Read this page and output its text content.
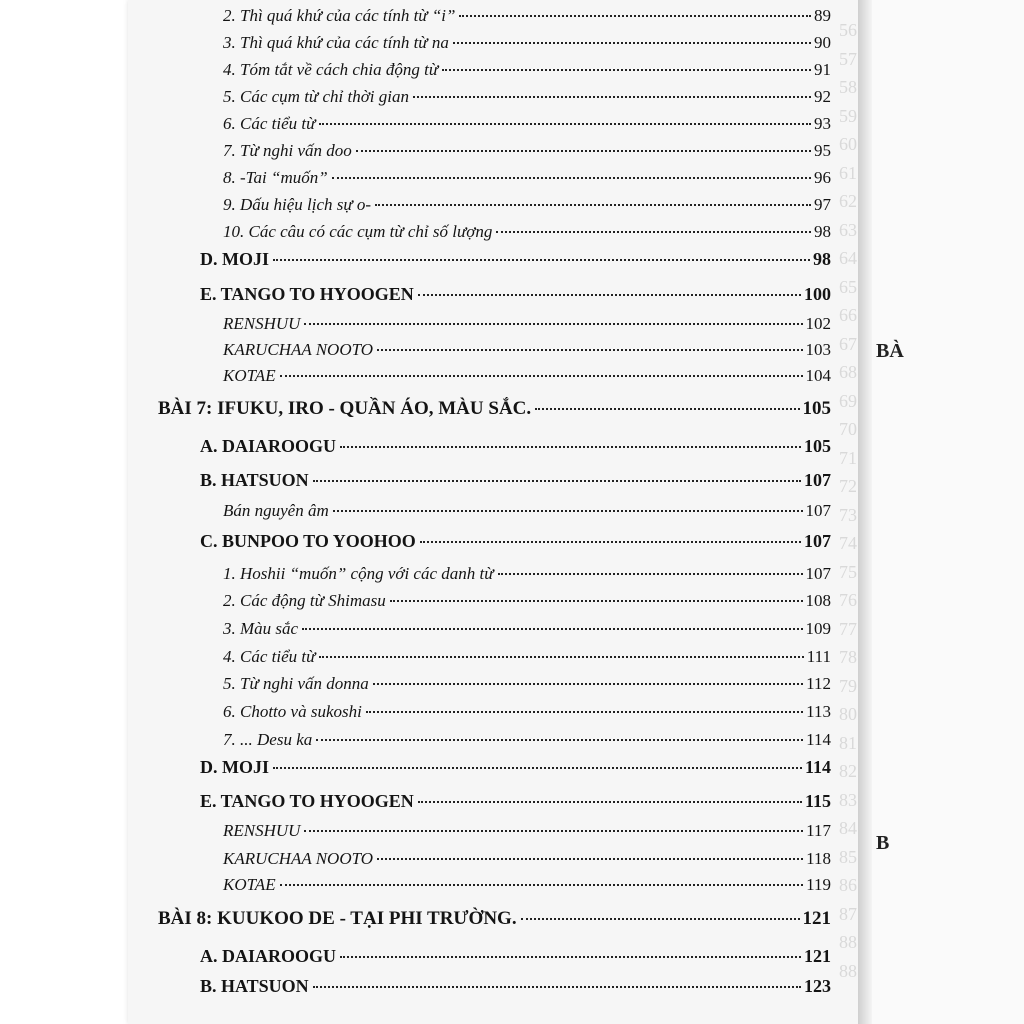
56
57
58
59
60
61
62
63
64
65
66
67
68
69
70
71
72
73
74
75
76
77
78
79
80
81
82
83
84
85
86
87
88
88
2. Thì quá khứ của các tính từ “i”	89
3. Thì quá khứ của các tính từ na	90
4. Tóm tắt về cách chia động từ	91
5. Các cụm từ chỉ thời gian	92
6. Các tiểu từ	93
7. Từ nghi vấn doo	95
8. -Tai “muốn”	96
9. Dấu hiệu lịch sự o-	97
10. Các câu có các cụm từ chỉ số lượng	98
D. MOJI	98
E. TANGO TO HYOOGEN	100
RENSHUU	102
KARUCHAA NOOTO	103
KOTAE	104
BÀI 7: IFUKU, IRO - QUẦN ÁO, MÀU SẮC.	105
A. DAIAROOGU	105
B. HATSUON	107
Bán nguyên âm	107
C. BUNPOO TO YOOHOO	107
1. Hoshii “muốn” cộng với các danh từ	107
2. Các động từ Shimasu	108
3. Màu sắc	109
4. Các tiểu từ	111
5. Từ nghi vấn donna	112
6. Chotto và sukoshi	113
7. ... Desu ka	114
D. MOJI	114
E. TANGO TO HYOOGEN	115
RENSHUU	117
KARUCHAA NOOTO	118
KOTAE	119
BÀI 8: KUUKOO DE - TẠI PHI TRƯỜNG.	121
A. DAIAROOGU	121
B. HATSUON	123
BÀ
B
